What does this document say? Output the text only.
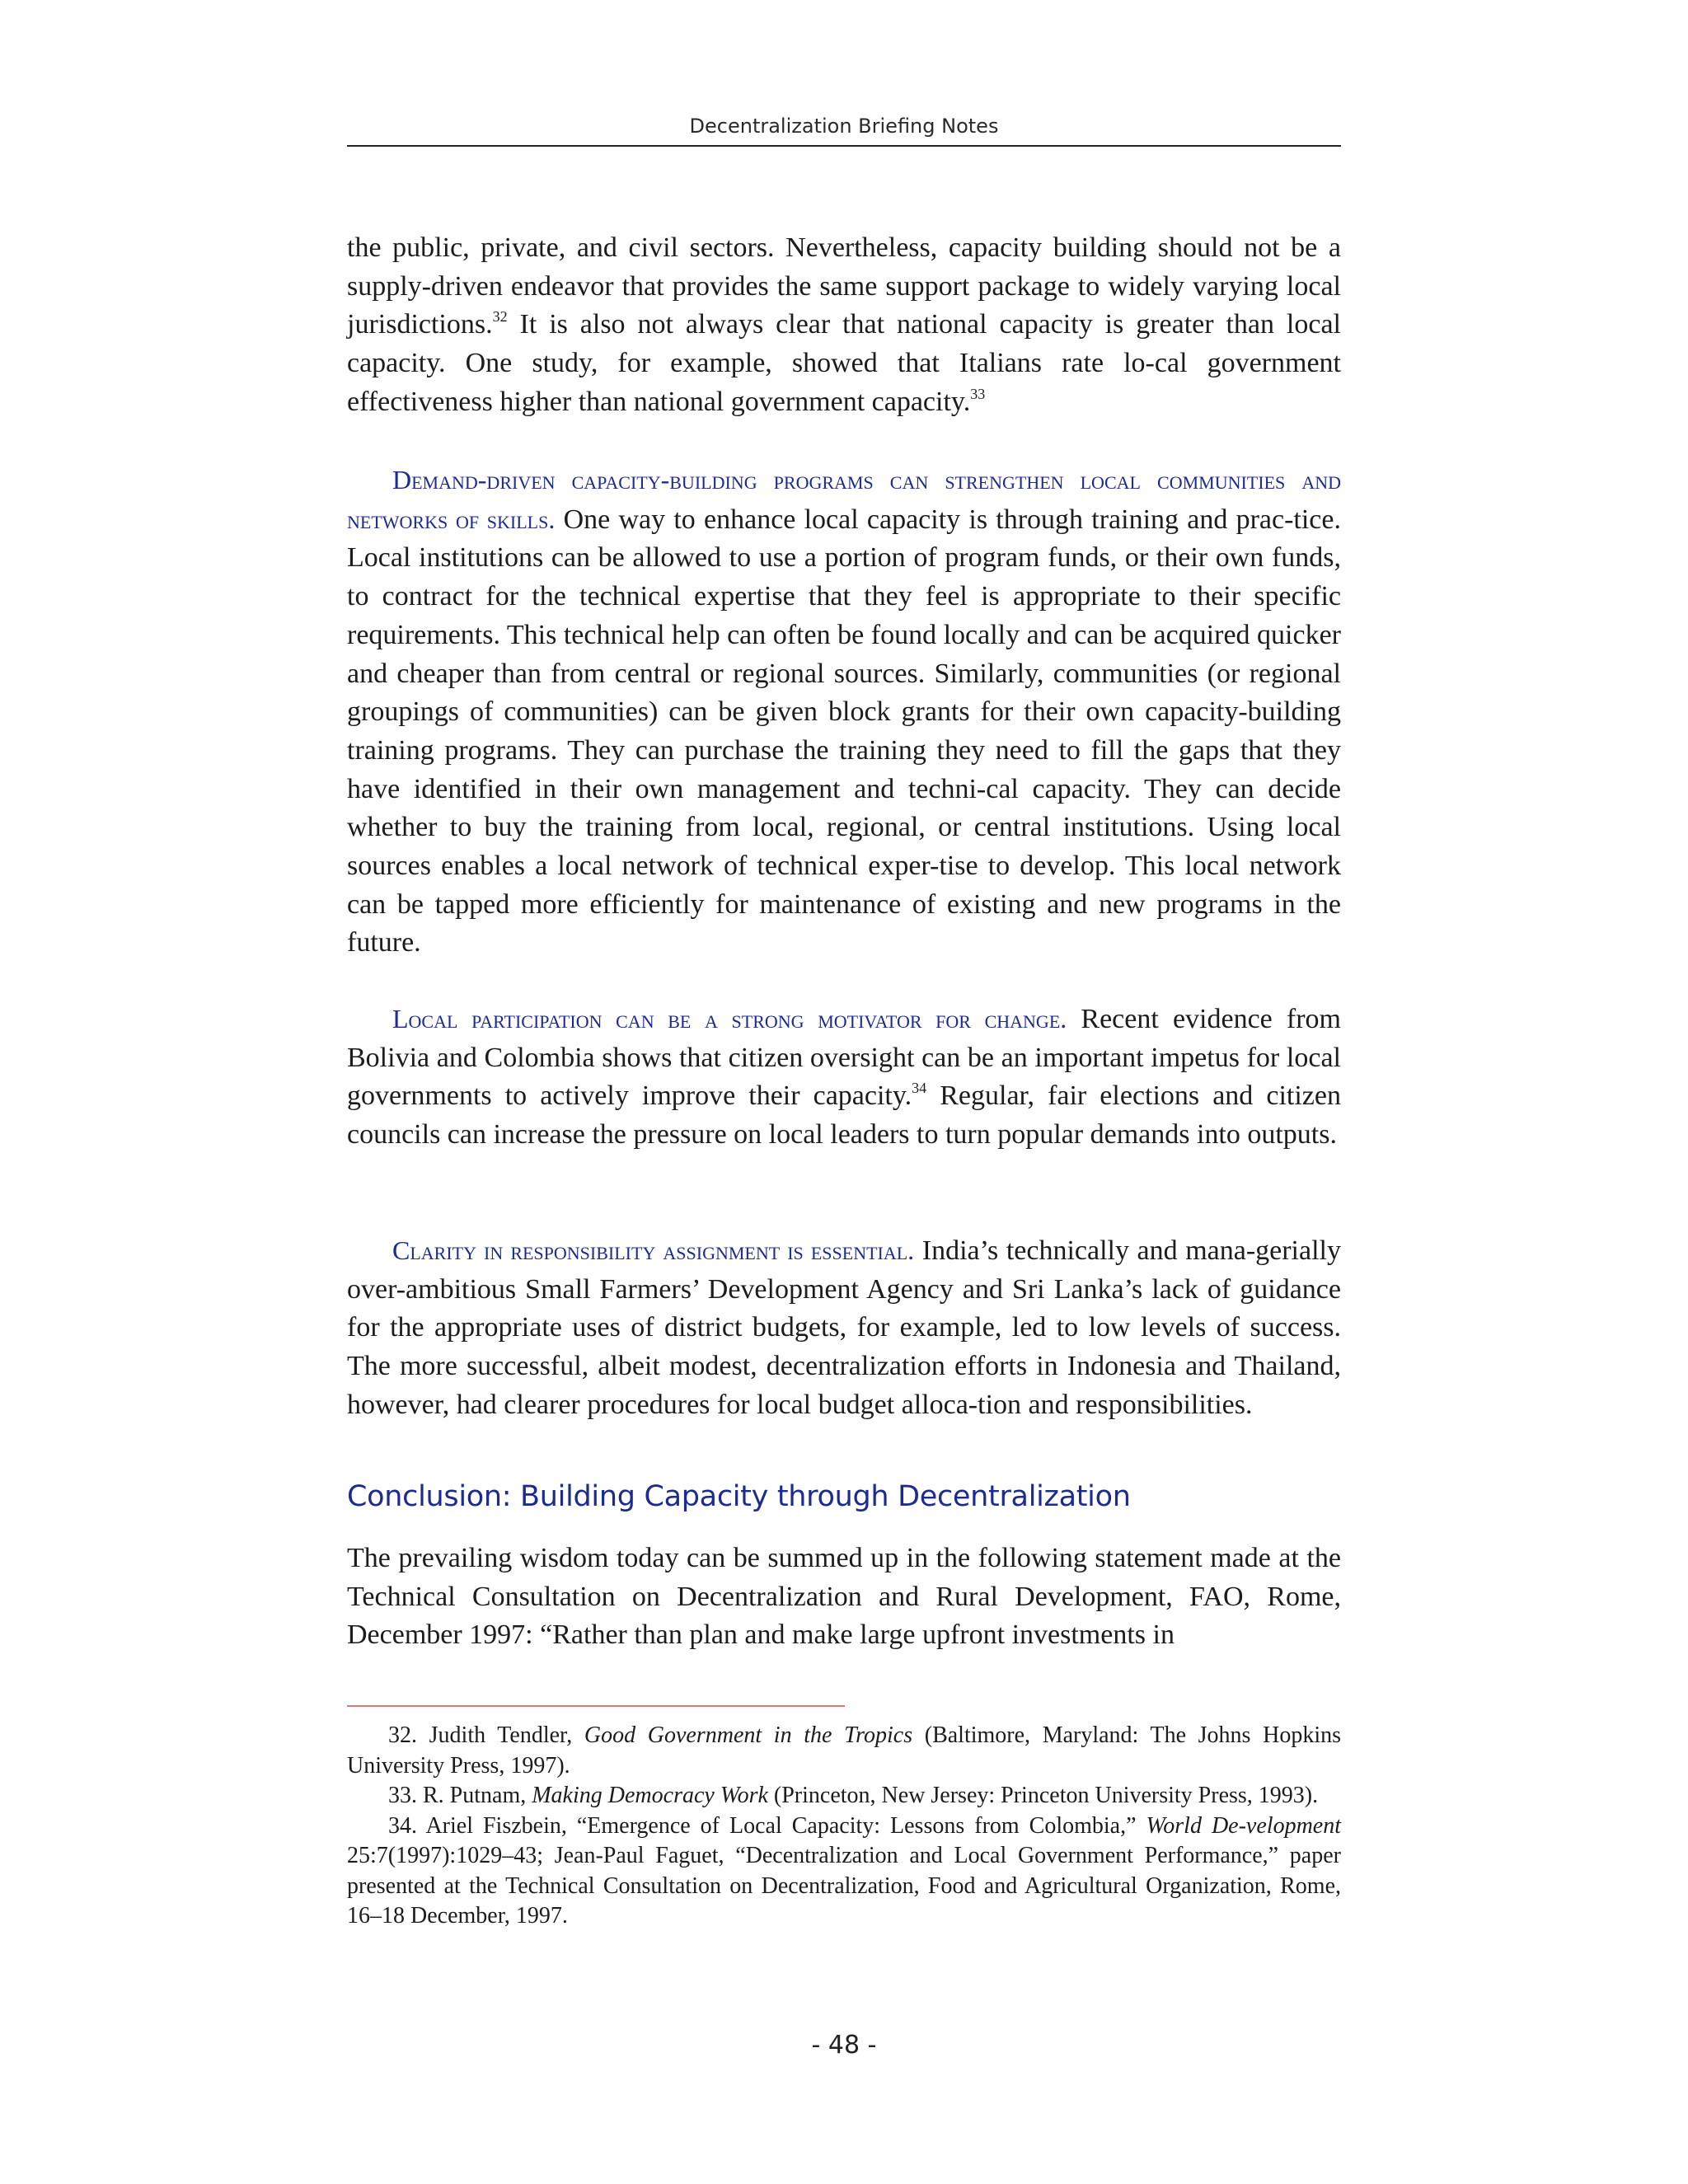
Decentralization Briefing Notes

the public, private, and civil sectors. Nevertheless, capacity building should not be a supply-driven endeavor that provides the same support package to widely varying local jurisdictions.$^{32}$ It is also not always clear that national capacity is greater than local capacity. One study, for example, showed that Italians rate lo-cal government effectiveness higher than national government capacity.$^{33}$

Demand-driven capacity-building programs can strengthen local communities and networks of skills. One way to enhance local capacity is through training and prac-tice. Local institutions can be allowed to use a portion of program funds, or their own funds, to contract for the technical expertise that they feel is appropriate to their specific requirements. This technical help can often be found locally and can be acquired quicker and cheaper than from central or regional sources. Similarly, communities (or regional groupings of communities) can be given block grants for their own capacity-building training programs. They can purchase the training they need to fill the gaps that they have identified in their own management and techni-cal capacity. They can decide whether to buy the training from local, regional, or central institutions. Using local sources enables a local network of technical exper-tise to develop. This local network can be tapped more efficiently for maintenance of existing and new programs in the future.

Local participation can be a strong motivator for change. Recent evidence from Bolivia and Colombia shows that citizen oversight can be an important impetus for local governments to actively improve their capacity.$^{34}$ Regular, fair elections and citizen councils can increase the pressure on local leaders to turn popular demands into outputs.

Clarity in responsibility assignment is essential. India’s technically and mana-gerially over-ambitious Small Farmers’ Development Agency and Sri Lanka’s lack of guidance for the appropriate uses of district budgets, for example, led to low levels of success. The more successful, albeit modest, decentralization efforts in Indonesia and Thailand, however, had clearer procedures for local budget alloca-tion and responsibilities.

Conclusion: Building Capacity through Decentralization

The prevailing wisdom today can be summed up in the following statement made at the Technical Consultation on Decentralization and Rural Development, FAO, Rome, December 1997: “Rather than plan and make large upfront investments in

32. Judith Tendler, Good Government in the Tropics (Baltimore, Maryland: The Johns Hopkins University Press, 1997).

33. R. Putnam, Making Democracy Work (Princeton, New Jersey: Princeton University Press, 1993).

34. Ariel Fiszbein, “Emergence of Local Capacity: Lessons from Colombia,” World De-velopment 25:7(1997):1029–43; Jean-Paul Faguet, “Decentralization and Local Government Performance,” paper presented at the Technical Consultation on Decentralization, Food and Agricultural Organization, Rome, 16–18 December, 1997.

- 48 -
